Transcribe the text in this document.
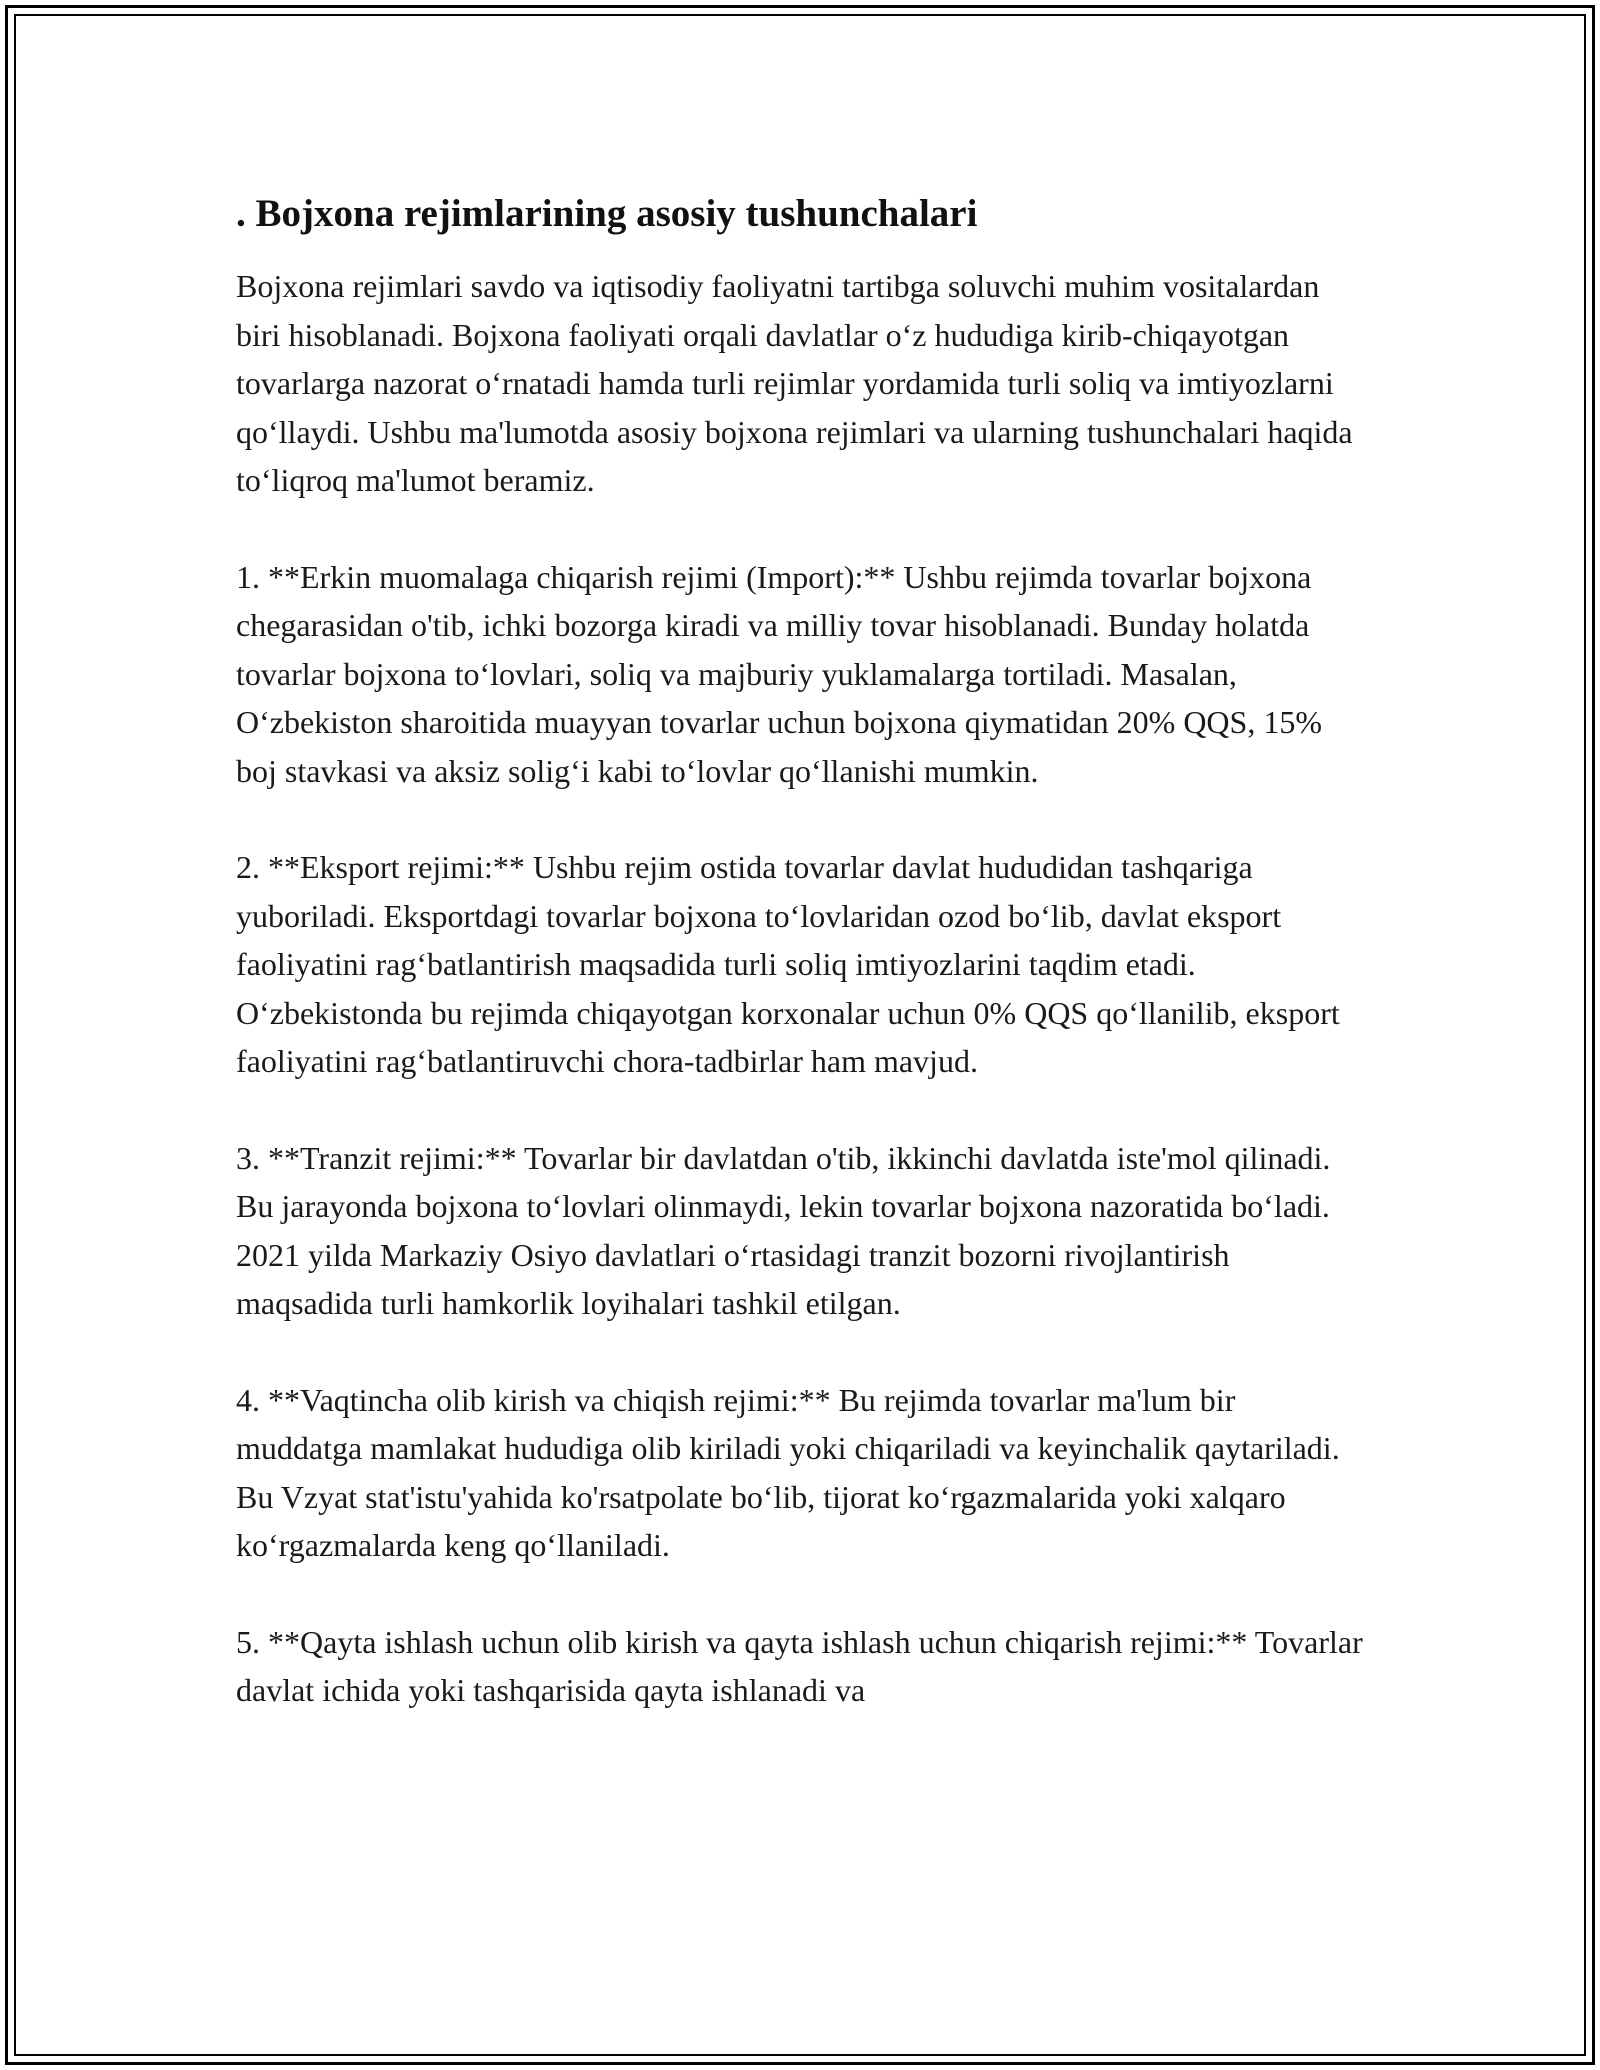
. Bojxona rejimlarining asosiy tushunchalari

Bojxona rejimlari savdo va iqtisodiy faoliyatni tartibga soluvchi muhim vositalardan biri hisoblanadi. Bojxona faoliyati orqali davlatlar o‘z hududiga kirib-chiqayotgan tovarlarga nazorat o‘rnatadi hamda turli rejimlar yordamida turli soliq va imtiyozlarni qo‘llaydi. Ushbu ma'lumotda asosiy bojxona rejimlari va ularning tushunchalari haqida to‘liqroq ma'lumot beramiz.

1. **Erkin muomalaga chiqarish rejimi (Import):** Ushbu rejimda tovarlar bojxona chegarasidan o'tib, ichki bozorga kiradi va milliy tovar hisoblanadi. Bunday holatda tovarlar bojxona to‘lovlari, soliq va majburiy yuklamalarga tortiladi. Masalan, O‘zbekiston sharoitida muayyan tovarlar uchun bojxona qiymatidan 20% QQS, 15% boj stavkasi va aksiz solig‘i kabi to‘lovlar qo‘llanishi mumkin.

2. **Eksport rejimi:** Ushbu rejim ostida tovarlar davlat hududidan tashqariga yuboriladi. Eksportdagi tovarlar bojxona to‘lovlaridan ozod bo‘lib, davlat eksport faoliyatini rag‘batlantirish maqsadida turli soliq imtiyozlarini taqdim etadi. O‘zbekistonda bu rejimda chiqayotgan korxonalar uchun 0% QQS qo‘llanilib, eksport faoliyatini rag‘batlantiruvchi chora-tadbirlar ham mavjud.

3. **Tranzit rejimi:** Tovarlar bir davlatdan o'tib, ikkinchi davlatda iste'mol qilinadi. Bu jarayonda bojxona to‘lovlari olinmaydi, lekin tovarlar bojxona nazoratida bo‘ladi. 2021 yilda Markaziy Osiyo davlatlari o‘rtasidagi tranzit bozorni rivojlantirish maqsadida turli hamkorlik loyihalari tashkil etilgan.

4. **Vaqtincha olib kirish va chiqish rejimi:** Bu rejimda tovarlar ma'lum bir muddatga mamlakat hududiga olib kiriladi yoki chiqariladi va keyinchalik qaytariladi. Bu Vzyat stat'istu'yahida ko'rsatpolate bo‘lib, tijorat ko‘rgazmalarida yoki xalqaro ko‘rgazmalarda keng qo‘llaniladi.

5. **Qayta ishlash uchun olib kirish va qayta ishlash uchun chiqarish rejimi:** Tovarlar davlat ichida yoki tashqarisida qayta ishlanadi va
